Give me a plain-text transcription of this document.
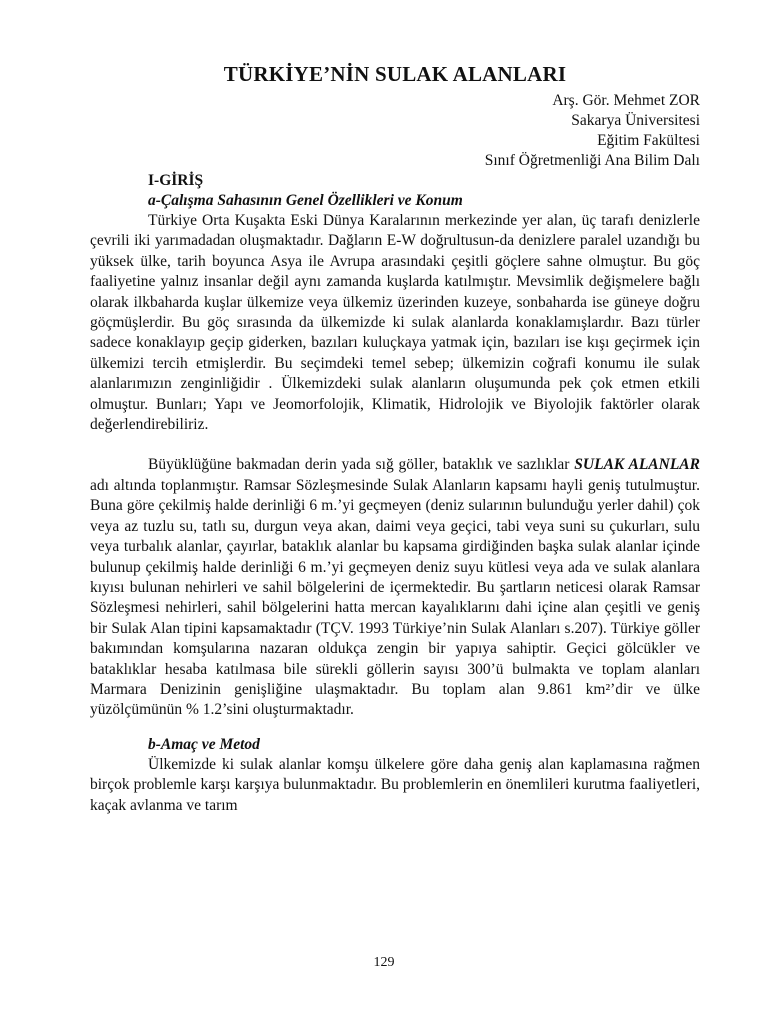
TÜRKİYE’NİN SULAK ALANLARI
Arş. Gör. Mehmet ZOR
Sakarya Üniversitesi
Eğitim Fakültesi
Sınıf Öğretmenliği Ana Bilim Dalı
I-GİRİŞ
a-Çalışma Sahasının Genel Özellikleri ve Konum

Türkiye Orta Kuşakta Eski Dünya Karalarının merkezinde yer alan, üç tarafı denizlerle çevrili iki yarımadadan oluşmaktadır. Dağların E-W doğrultusun-da denizlere paralel uzandığı bu yüksek ülke, tarih boyunca Asya ile Avrupa arasındaki çeşitli göçlere sahne olmuştur. Bu göç faaliyetine yalnız insanlar değil aynı zamanda kuşlarda katılmıştır. Mevsimlik değişmelere bağlı olarak ilkbaharda kuşlar ülkemize veya ülkemiz üzerinden kuzeye, sonbaharda ise güneye doğru göçmüşlerdir. Bu göç sırasında da ülkemizde ki sulak alanlarda konaklamışlardır. Bazı türler sadece konaklayıp geçip giderken, bazıları kuluçkaya yatmak için, bazıları ise kışı geçirmek için ülkemizi tercih etmişlerdir. Bu seçimdeki temel sebep; ülkemizin coğrafi konumu ile sulak alanlarımızın zenginliğidir . Ülkemizdeki sulak alanların oluşumunda pek çok etmen etkili olmuştur. Bunları; Yapı ve Jeomorfolojik, Klimatik, Hidrolojik ve Biyolojik faktörler olarak değerlendirebiliriz.

Büyüklüğüne bakmadan derin yada sığ göller, bataklık ve sazlıklar SULAK ALANLAR adı altında toplanmıştır. Ramsar Sözleşmesinde Sulak Alanların kapsamı hayli geniş tutulmuştur. Buna göre çekilmiş halde derinliği 6 m.’yi geçmeyen (deniz sularının bulunduğu yerler dahil) çok veya az tuzlu su, tatlı su, durgun veya akan, daimi veya geçici, tabi veya suni su çukurları, sulu veya turbalık alanlar, çayırlar, bataklık alanlar bu kapsama girdiğinden başka sulak alanlar içinde bulunup çekilmiş halde derinliği 6 m.’yi geçmeyen deniz suyu kütlesi veya ada ve sulak alanlara kıyısı bulunan nehirleri ve sahil bölgelerini de içermektedir. Bu şartların neticesi olarak Ramsar Sözleşmesi nehirleri, sahil bölgelerini hatta mercan kayalıklarını dahi içine alan çeşitli ve geniş bir Sulak Alan tipini kapsamaktadır (TÇV. 1993 Türkiye’nin Sulak Alanları s.207). Türkiye göller bakımından komşularına nazaran oldukça zengin bir yapıya sahiptir. Geçici gölcükler ve bataklıklar hesaba katılmasa bile sürekli göllerin sayısı 300’ü bulmakta ve toplam alanları Marmara Denizinin genişliğine ulaşmaktadır. Bu toplam alan 9.861 km²’dir ve ülke yüzölçümünün % 1.2’sini oluşturmaktadır.

b-Amaç ve Metod

Ülkemizde ki sulak alanlar komşu ülkelere göre daha geniş alan kaplamasına rağmen birçok problemle karşı karşıya bulunmaktadır. Bu problemlerin en önemlileri kurutma faaliyetleri, kaçak avlanma ve tarım

129
